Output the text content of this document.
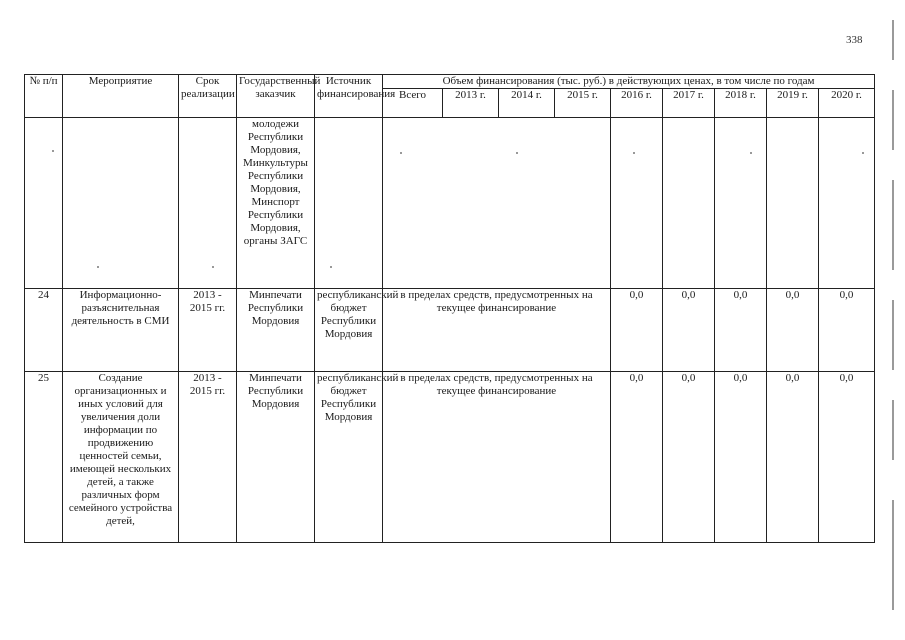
338
№ п/п	Мероприятие	Срок реализации	Государственный заказчик	Источник финансирования	Объем финансирования (тыс. руб.) в действующих ценах, в том числе по годам								
					Всего	2013 г.	2014 г.	2015 г.	2016 г.	2017 г.	2018 г.	2019 г.	2020 г.
			молодежи Республики Мордовия, Минкультуры Республики Мордовия, Минспорт Республики Мордовия, органы ЗАГС										
24	Информационно-разъяснительная деятельность в СМИ	2013 - 2015 гг.	Минпечати Республики Мордовия	республиканский бюджет Республики Мордовия	в пределах средств, предусмотренных на текущее финансирование				0,0	0,0	0,0	0,0	0,0
25	Создание организационных и иных условий для увеличения доли информации по продвижению ценностей семьи, имеющей нескольких детей, а также различных форм семейного устройства детей,	2013 - 2015 гг.	Минпечати Республики Мордовия	республиканский бюджет Республики Мордовия	в пределах средств, предусмотренных на текущее финансирование				0,0	0,0	0,0	0,0	0,0
